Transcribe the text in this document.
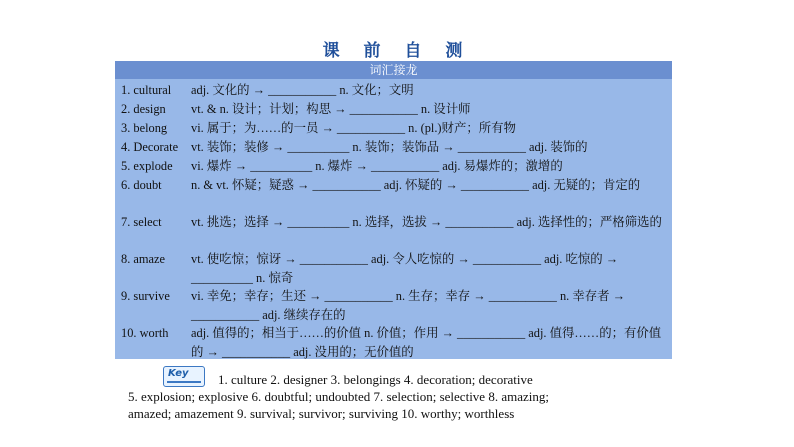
课 前 自 测
词汇接龙
1. cultural	adj. 文化的 → ___________ n. 文化；文明
2. design	vt. & n. 设计；计划；构思 → ___________ n. 设计师
3. belong	vi. 属于；为……的一员 → ___________ n. (pl.)财产；所有物
4. Decorate	vt. 装饰；装修 → __________ n. 装饰；装饰品 → ___________ adj. 装饰的
5. explode	vi. 爆炸 → __________ n. 爆炸 → ___________ adj. 易爆炸的；激增的
6. doubt	n. & vt. 怀疑；疑惑 → ___________ adj. 怀疑的 → ___________ adj. 无疑的；肯定的
7. select	vt. 挑选；选择 → __________ n. 选择，选拔 → ___________ adj. 选择性的；严格筛选的
8. amaze	vt. 使吃惊；惊讶 → ___________ adj. 令人吃惊的 → ___________ adj. 吃惊的 → __________ n. 惊奇
9. survive	vi. 幸免；幸存；生还 → ___________ n. 生存；幸存 → ___________ n. 幸存者 → ___________ adj. 继续存在的
10. worth	adj. 值得的；相当于……的价值 n. 价值；作用 → ___________ adj. 值得……的；有价值的 → ___________ adj. 没用的；无价值的
Key	1. culture 2. designer 3. belongings 4. decoration; decorative
5. explosion; explosive 6. doubtful; undoubted 7. selection; selective 8. amazing;
amazed; amazement 9. survival; survivor; surviving 10. worthy; worthless
